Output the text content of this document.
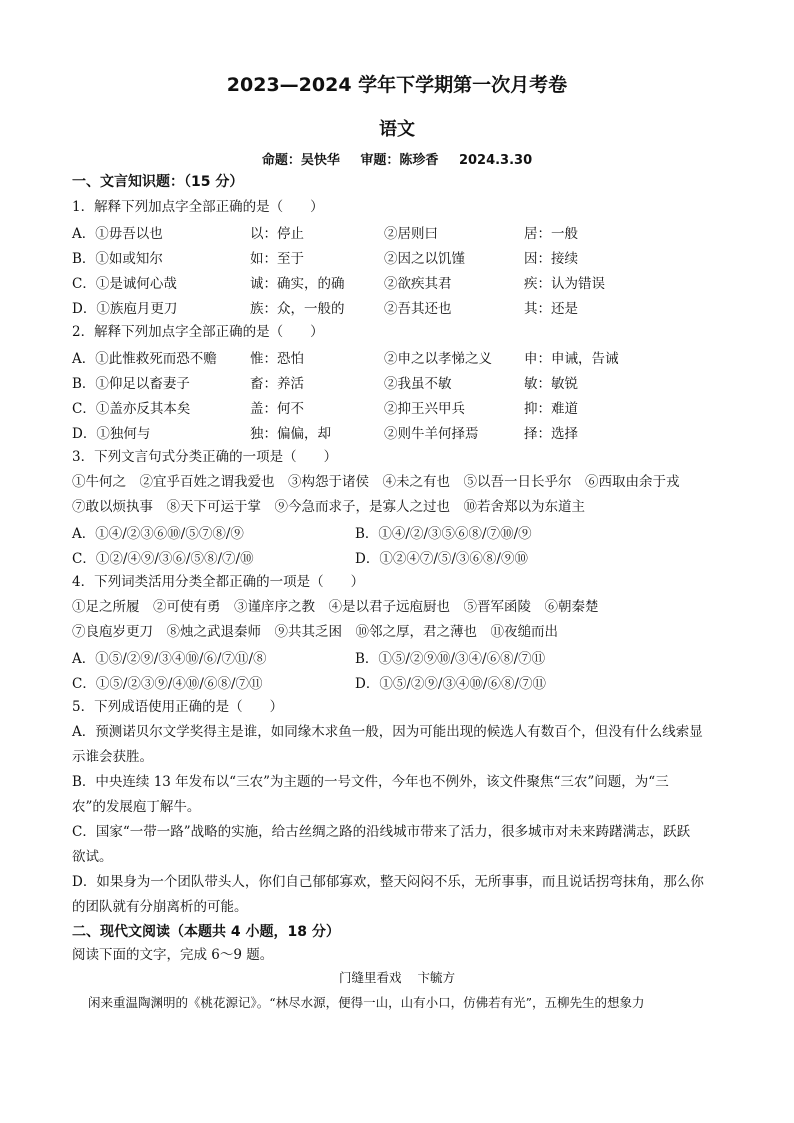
2023—2024 学年下学期第一次月考卷
语文
命题：吴快华 审题：陈珍香 2024.3.30
一、文言知识题：（15 分）
1．解释下列加点字全部正确的是（　　）
A．①毋吾以也	以：停止	②居则曰	居：一般
B．①如或知尔	如：至于	②因之以饥馑	因：接续
C．①是诚何心哉	诚：确实，的确	②欲疾其君	疾：认为错误
D．①族庖月更刀	族：众，一般的	②吾其还也	其：还是
2．解释下列加点字全部正确的是（　　）
A．①此惟救死而恐不赡 惟：恐怕	②申之以孝悌之义 申：申诫，告诫
B．①仰足以畜妻子	畜：养活	②我虽不敏	敏：敏锐
C．①盖亦反其本矣	盖：何不	②抑王兴甲兵	抑：难道
D．①独何与	独：偏偏，却	②则牛羊何择焉	择：选择
3．下列文言句式分类正确的一项是（　　）
①牛何之　②宜乎百姓之谓我爱也　③构怨于诸侯　④未之有也　⑤以吾一日长乎尔　⑥西取由余于戎
⑦敢以烦执事　⑧天下可运于掌　⑨今急而求子，是寡人之过也　⑩若舍郑以为东道主
A．①④/②③⑥⑩/⑤⑦⑧/⑨	B．①④/②/③⑤⑥⑧/⑦⑩/⑨
C．①②/④⑨/③⑥/⑤⑧/⑦/⑩	D．①②④⑦/⑤/③⑥⑧/⑨⑩
4．下列词类活用分类全都正确的一项是（　　）
①足之所履　②可使有勇　③谨庠序之教　④是以君子远庖厨也　⑤晋军函陵　⑥朝秦楚
⑦良庖岁更刀　⑧烛之武退秦师　⑨共其乏困　⑩邻之厚，君之薄也　⑪夜缒而出
A．①⑤/②⑨/③④⑩/⑥/⑦⑪/⑧	B．①⑤/②⑨⑩/③④/⑥⑧/⑦⑪
C．①⑤/②③⑨/④⑩/⑥⑧/⑦⑪	D．①⑤/②⑨/③④⑩/⑥⑧/⑦⑪
5．下列成语使用正确的是（　　）
A．预测诺贝尔文学奖得主是谁，如同缘木求鱼一般，因为可能出现的候选人有数百个，但没有什么线索显
示谁会获胜。
B．中央连续 13 年发布以“三农”为主题的一号文件，今年也不例外，该文件聚焦“三农”问题，为“三
农”的发展庖丁解牛。
C．国家“一带一路”战略的实施，给古丝绸之路的沿线城市带来了活力，很多城市对未来踌躇满志，跃跃
欲试。
D．如果身为一个团队带头人，你们自己郁郁寡欢，整天闷闷不乐，无所事事，而且说话拐弯抹角，那么你
的团队就有分崩离析的可能。
二、现代文阅读（本题共 4 小题，18 分）
阅读下面的文字，完成 6～9 题。
门缝里看戏 卞毓方
闲来重温陶渊明的《桃花源记》。“林尽水源，便得一山，山有小口，仿佛若有光”，五柳先生的想象力
